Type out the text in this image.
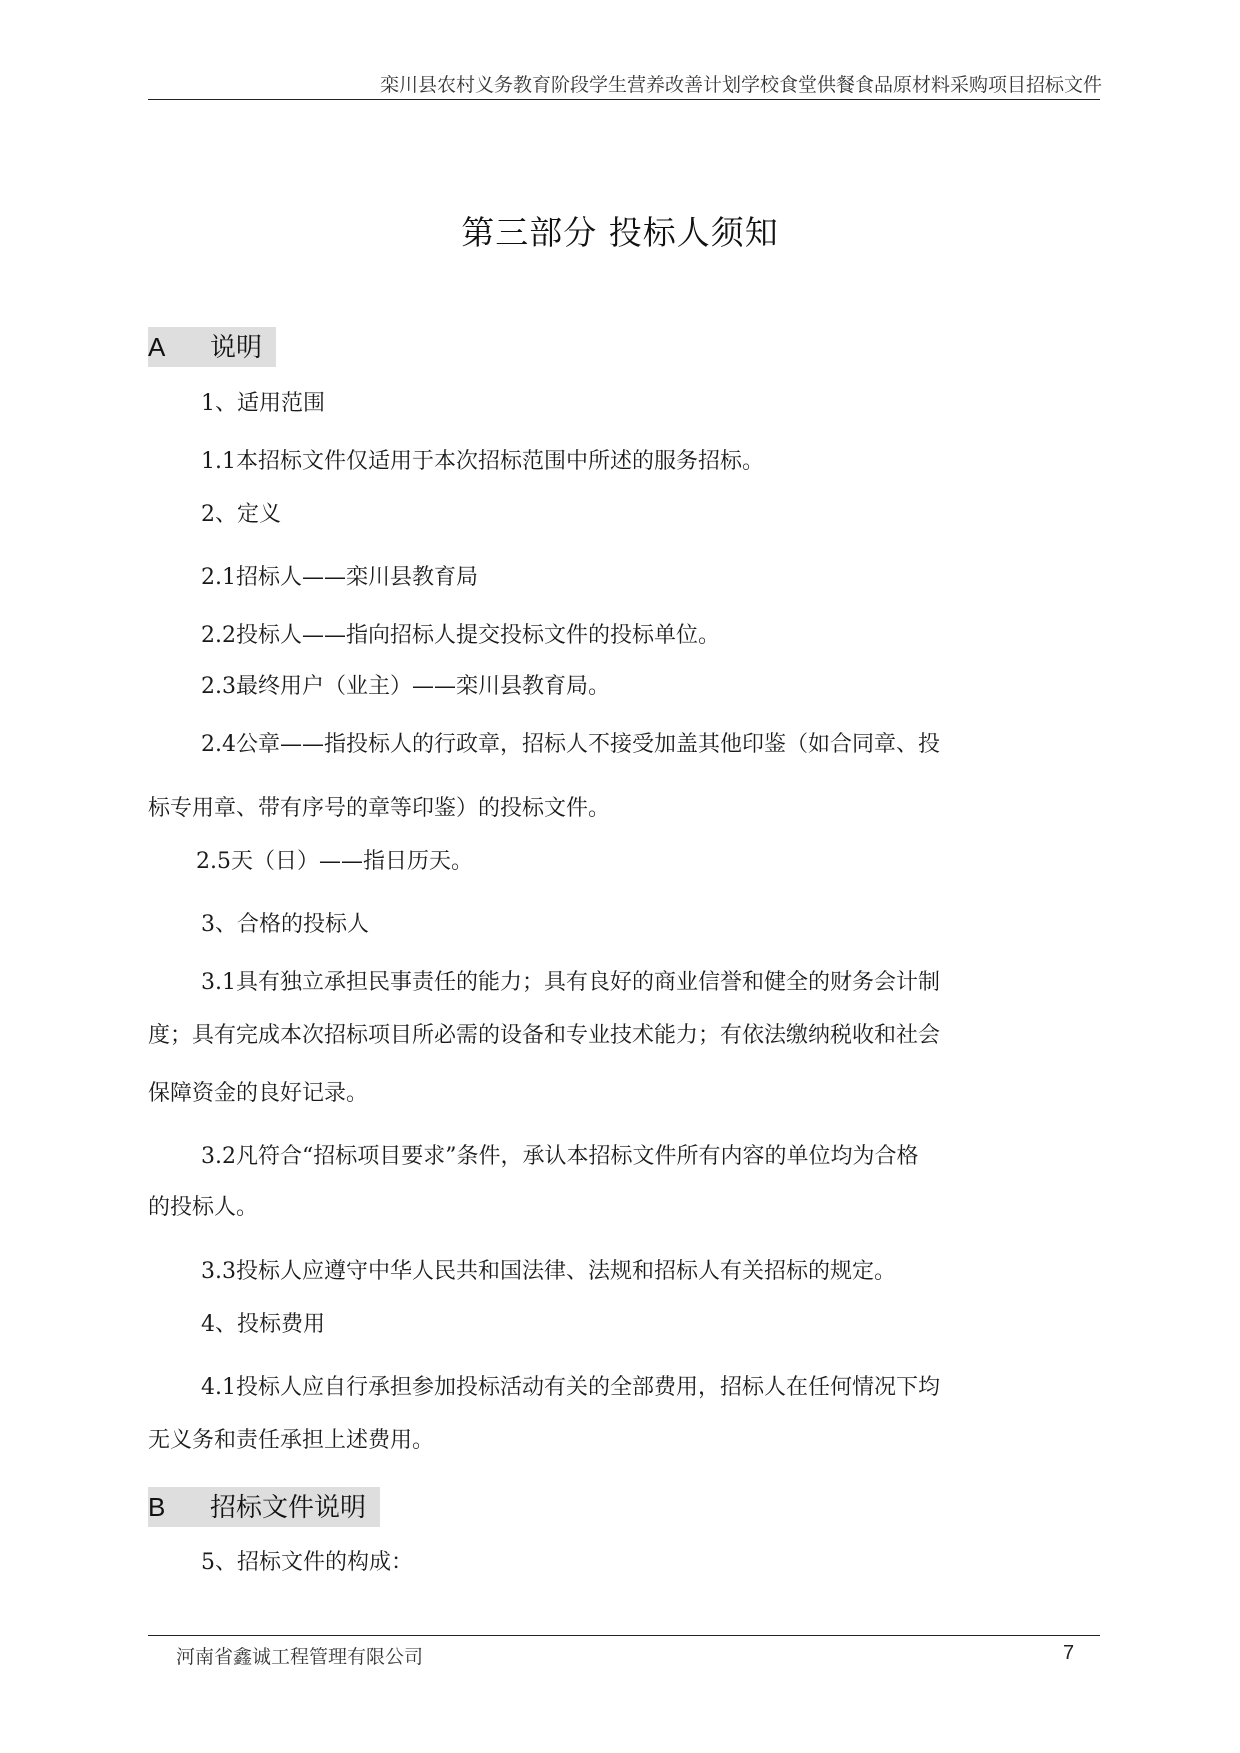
栾川县农村义务教育阶段学生营养改善计划学校食堂供餐食品原材料采购项目招标文件
第三部分 投标人须知
A 说明
1、适用范围
1.1本招标文件仅适用于本次招标范围中所述的服务招标。
2、定义
2.1招标人——栾川县教育局
2.2投标人——指向招标人提交投标文件的投标单位。
2.3最终用户（业主）——栾川县教育局。
2.4公章——指投标人的行政章，招标人不接受加盖其他印鉴（如合同章、投
标专用章、带有序号的章等印鉴）的投标文件。
2.5天（日）——指日历天。
3、合格的投标人
3.1具有独立承担民事责任的能力；具有良好的商业信誉和健全的财务会计制
度；具有完成本次招标项目所必需的设备和专业技术能力；有依法缴纳税收和社会
保障资金的良好记录。
3.2凡符合“招标项目要求”条件，承认本招标文件所有内容的单位均为合格
的投标人。
3.3投标人应遵守中华人民共和国法律、法规和招标人有关招标的规定。
4、投标费用
4.1投标人应自行承担参加投标活动有关的全部费用，招标人在任何情况下均
无义务和责任承担上述费用。
B 招标文件说明
5、招标文件的构成：
河南省鑫诚工程管理有限公司	7
